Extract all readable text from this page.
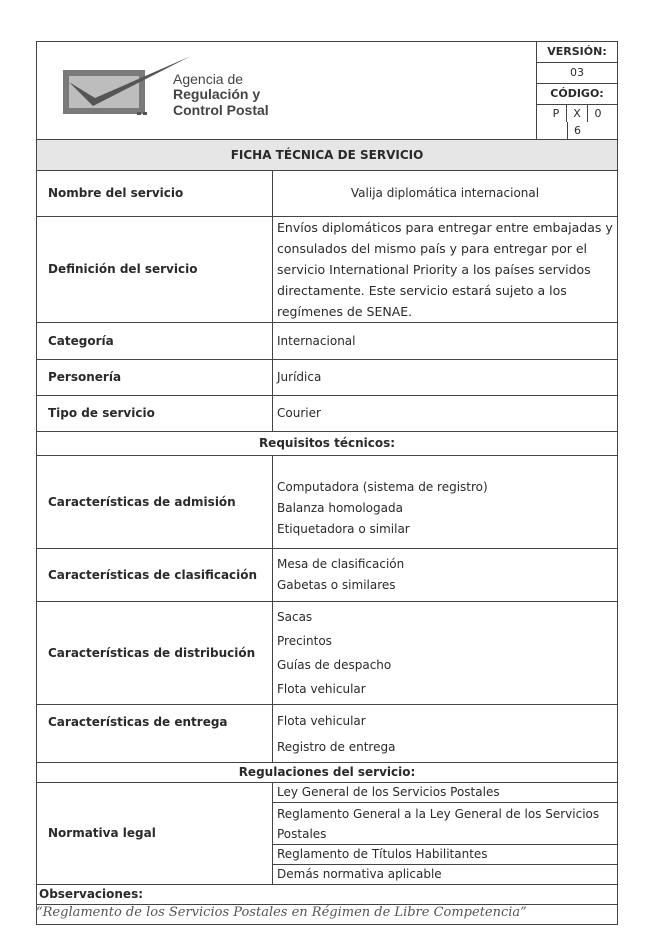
Agencia de
Regulación y
Control Postal		VERSIÓN:
		03
		CÓDIGO:
		P X 06
FICHA TÉCNICA DE SERVICIO		
Nombre del servicio	Valija diplomática internacional	
Definición del servicio	Envíos diplomáticos para entregar entre embajadas y consulados del mismo país y para entregar por el servicio International Priority a los países servidos directamente. Este servicio estará sujeto a los regímenes de SENAE.	
Categoría	Internacional	
Personería	Jurídica	
Tipo de servicio	Courier	
Requisitos técnicos:		
Características de admisión	Computadora (sistema de registro)
Balanza homologada
Etiquetadora o similar	

Características de clasificación	Mesa de clasificación
Gabetas o similares	

Características de distribución	Sacas
Precintos
Guías de despacho
Flota vehicular	

Características de entrega	Flota vehicular
Registro de entrega	

Regulaciones del servicio:		
Normativa legal	Ley General de los Servicios Postales	
	Reglamento General a la Ley General de los Servicios Postales	
	Reglamento de Títulos Habilitantes	
	Demás normativa aplicable	
Observaciones:		

“Reglamento de los Servicios Postales en Régimen de Libre Competencia”
